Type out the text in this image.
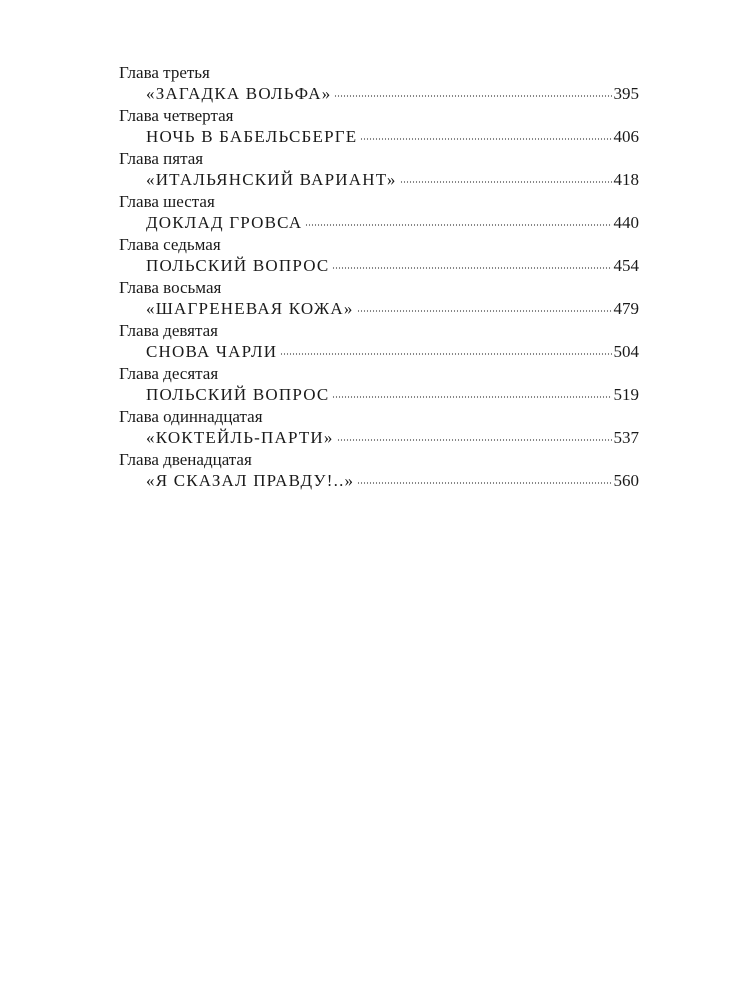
Глава третья
«ЗАГАДКА ВОЛЬФА»	395
Глава четвертая
НОЧЬ В БАБЕЛЬСБЕРГЕ	406
Глава пятая
«ИТАЛЬЯНСКИЙ ВАРИАНТ»	418
Глава шестая
ДОКЛАД ГРОВСА	440
Глава седьмая
ПОЛЬСКИЙ ВОПРОС	454
Глава восьмая
«ШАГРЕНЕВАЯ КОЖА»	479
Глава девятая
СНОВА ЧАРЛИ	504
Глава десятая
ПОЛЬСКИЙ ВОПРОС	519
Глава одиннадцатая
«КОКТЕЙЛЬ-ПАРТИ»	537
Глава двенадцатая
«Я СКАЗАЛ ПРАВДУ!..»	560
